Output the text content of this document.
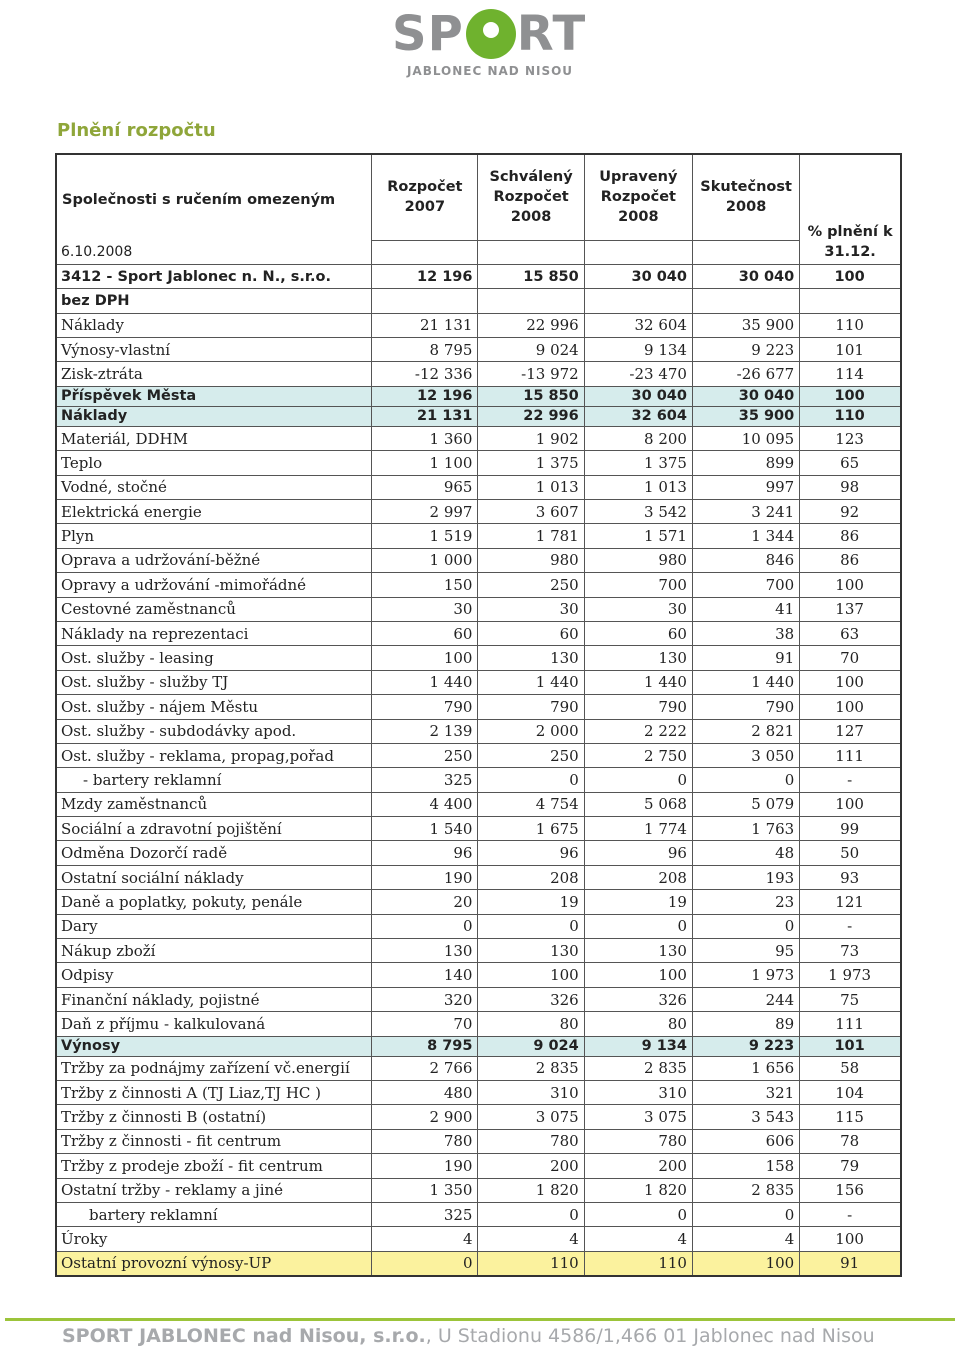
SP RT
JABLONEC NAD NISOU
Plnění rozpočtu
Společnosti s ručením omezeným	Rozpočet 2007	Schválený Rozpočet 2008	Upravený Rozpočet 2008	Skutečnost 2008	% plnění k 31.12.
6.10.2008					
3412 - Sport Jablonec n. N., s.r.o.	12 196	15 850	30 040	30 040	100
bez DPH					
Náklady	21 131	22 996	32 604	35 900	110
Výnosy-vlastní	8 795	9 024	9 134	9 223	101
Zisk-ztráta	-12 336	-13 972	-23 470	-26 677	114
Příspěvek Města	12 196	15 850	30 040	30 040	100
Náklady	21 131	22 996	32 604	35 900	110
Materiál, DDHM	1 360	1 902	8 200	10 095	123
Teplo	1 100	1 375	1 375	899	65
Vodné, stočné	965	1 013	1 013	997	98
Elektrická energie	2 997	3 607	3 542	3 241	92
Plyn	1 519	1 781	1 571	1 344	86
Oprava a udržování-běžné	1 000	980	980	846	86
Opravy a udržování -mimořádné	150	250	700	700	100
Cestovné zaměstnanců	30	30	30	41	137
Náklady na reprezentaci	60	60	60	38	63
Ost. služby - leasing	100	130	130	91	70
Ost. služby - služby TJ	1 440	1 440	1 440	1 440	100
Ost. služby - nájem Městu	790	790	790	790	100
Ost. služby - subdodávky apod.	2 139	2 000	2 222	2 821	127
Ost. služby - reklama, propag,pořad	250	250	2 750	3 050	111
- bartery reklamní	325	0	0	0	-
Mzdy zaměstnanců	4 400	4 754	5 068	5 079	100
Sociální a zdravotní pojištění	1 540	1 675	1 774	1 763	99
Odměna Dozorčí radě	96	96	96	48	50
Ostatní sociální náklady	190	208	208	193	93
Daně a poplatky, pokuty, penále	20	19	19	23	121
Dary	0	0	0	0	-
Nákup zboží	130	130	130	95	73
Odpisy	140	100	100	1 973	1 973
Finanční náklady, pojistné	320	326	326	244	75
Daň z příjmu - kalkulovaná	70	80	80	89	111
Výnosy	8 795	9 024	9 134	9 223	101
Tržby za podnájmy zařízení vč.energií	2 766	2 835	2 835	1 656	58
Tržby z činnosti A (TJ Liaz,TJ HC )	480	310	310	321	104
Tržby z činnosti B (ostatní)	2 900	3 075	3 075	3 543	115
Tržby z činnosti - fit centrum	780	780	780	606	78
Tržby z prodeje zboží - fit centrum	190	200	200	158	79
Ostatní tržby - reklamy a jiné	1 350	1 820	1 820	2 835	156
bartery reklamní	325	0	0	0	-
Úroky	4	4	4	4	100
Ostatní provozní výnosy-UP	0	110	110	100	91
SPORT JABLONEC nad Nisou, s.r.o., U Stadionu 4586/1,466 01 Jablonec nad Nisou
